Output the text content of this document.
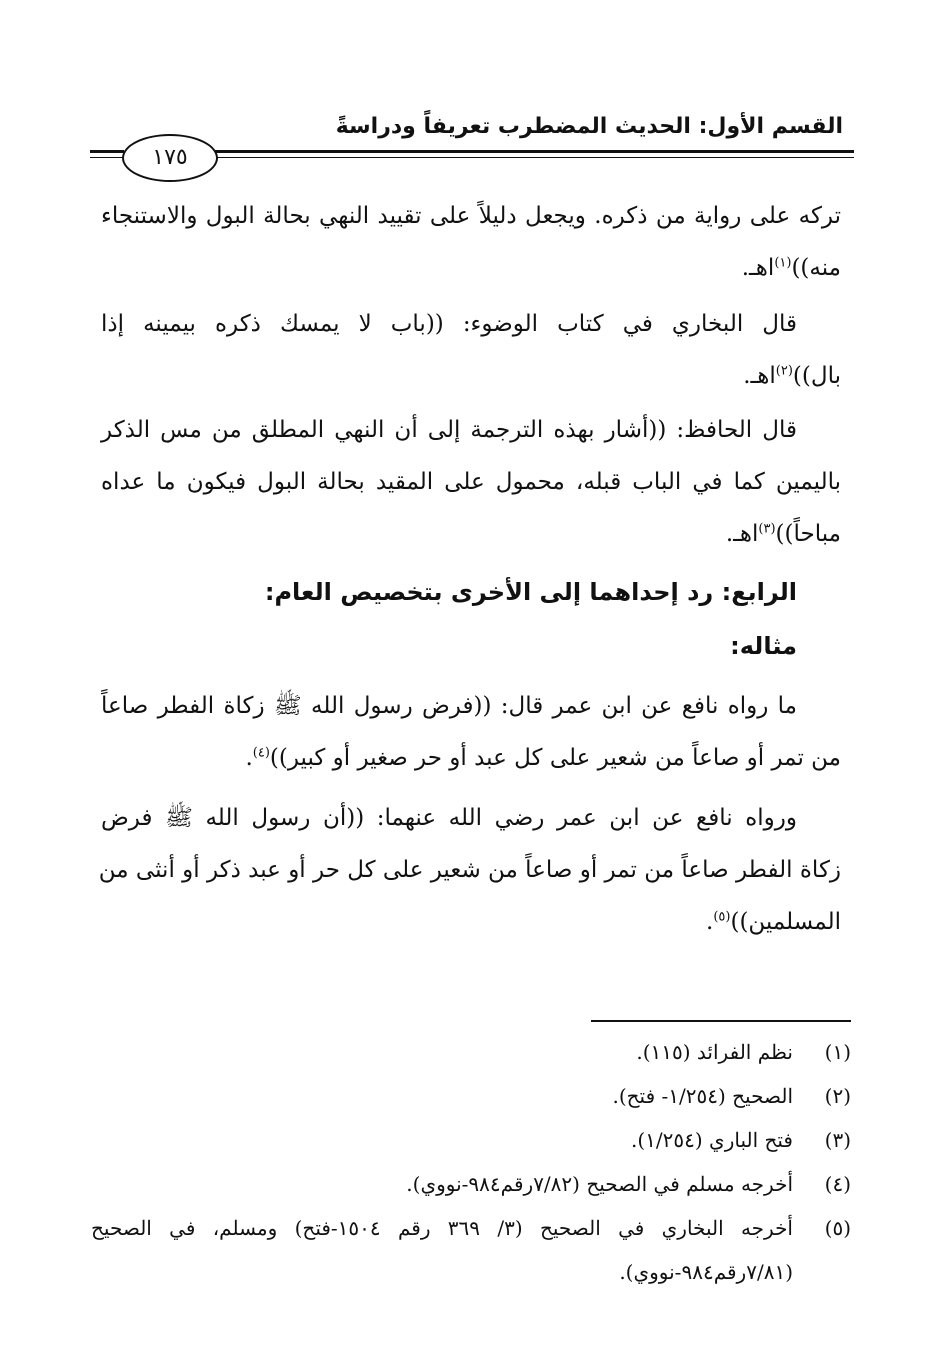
القسم الأول: الحديث المضطرب تعريفاً ودراسةً
١٧٥
تركه على رواية من ذكره. ويجعل دليلاً على تقييد النهي بحالة البول والاستنجاء
منه))$^{(١)}$اهـ.
قال البخاري في كتاب الوضوء: ((باب لا يمسك ذكره بيمينه إذا
بال))$^{(٢)}$اهـ.
قال الحافظ: ((أشار بهذه الترجمة إلى أن النهي المطلق من مس الذكر
باليمين كما في الباب قبله، محمول على المقيد بحالة البول فيكون ما عداه
مباحاً))$^{(٣)}$اهـ.
الرابع: رد إحداهما إلى الأخرى بتخصيص العام:
مثاله:
ما رواه نافع عن ابن عمر قال: ((فرض رسول الله ﷺ زكاة الفطر صاعاً
من تمر أو صاعاً من شعير على كل عبد أو حر صغير أو كبير))$^{(٤)}$.
ورواه نافع عن ابن عمر رضي الله عنهما: ((أن رسول الله ﷺ فرض
زكاة الفطر صاعاً من تمر أو صاعاً من شعير على كل حر أو عبد ذكر أو أنثى من
المسلمين))$^{(٥)}$.
(١)
نظم الفرائد (١١٥).
(٢)
الصحيح (١/٢٥٤- فتح).
(٣)
فتح الباري (١/٢٥٤).
(٤)
أخرجه مسلم في الصحيح (٧/٨٢رقم٩٨٤-نووي).
(٥)
أخرجه البخاري في الصحيح (٣/ ٣٦٩ رقم ١٥٠٤-فتح) ومسلم، في الصحيح
(٧/٨١رقم٩٨٤-نووي).
